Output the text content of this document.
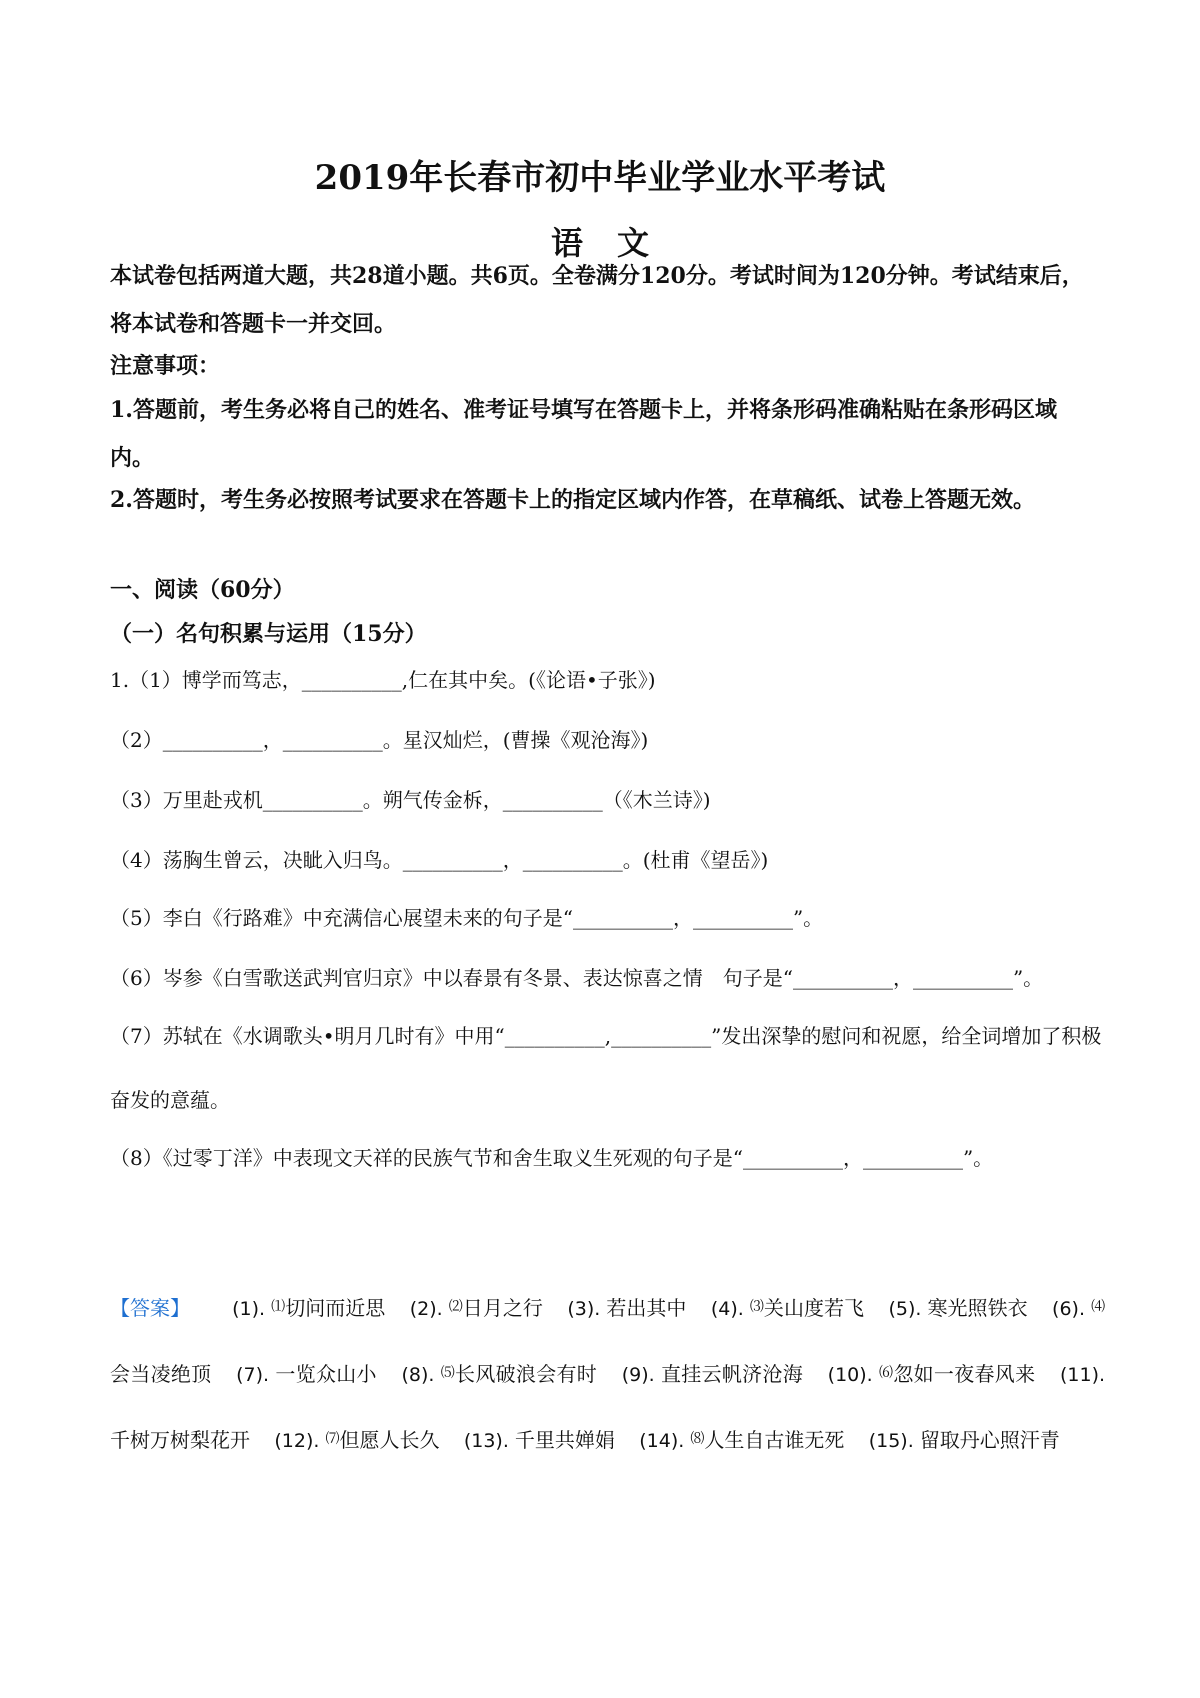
2019年长春市初中毕业学业水平考试
语文

本试卷包括两道大题，共28道小题。共6页。全卷满分120分。考试时间为120分钟。考试结束后，将本试卷和答题卡一并交回。

注意事项：

1.答题前，考生务必将自己的姓名、准考证号填写在答题卡上，并将条形码准确粘贴在条形码区域内。

2.答题时，考生务必按照考试要求在答题卡上的指定区域内作答，在草稿纸、试卷上答题无效。

一、阅读（60分）

（一）名句积累与运用（15分）

1.（1）博学而笃志，__________,仁在其中矣。(《论语•子张》)

（2）__________，__________。星汉灿烂，(曹操《观沧海》)

（3）万里赴戎机__________。朔气传金柝，__________（《木兰诗》)

（4）荡胸生曾云，决眦入归鸟。__________，__________。(杜甫《望岳》)

（5）李白《行路难》中充满信心展望未来的句子是“__________，__________”。

（6）岑参《白雪歌送武判官归京》中以春景有冬景、表达惊喜之情　句子是“__________，__________”。

（7）苏轼在《水调歌头•明月几时有》中用“__________,__________”发出深挚的慰问和祝愿，给全词增加了积极奋发的意蕴。

（8）《过零丁洋》中表现文天祥的民族气节和舍生取义生死观的句子是“__________，__________”。

【答案】 (1). ⑴切问而近思 (2). ⑵日月之行 (3). 若出其中 (4). ⑶关山度若飞 (5). 寒光照铁衣 (6). ⑷会当凌绝顶 (7). 一览众山小 (8). ⑸长风破浪会有时 (9). 直挂云帆济沧海 (10). ⑹忽如一夜春风来 (11). 千树万树梨花开 (12). ⑺但愿人长久 (13). 千里共婵娟 (14). ⑻人生自古谁无死 (15). 留取丹心照汗青
